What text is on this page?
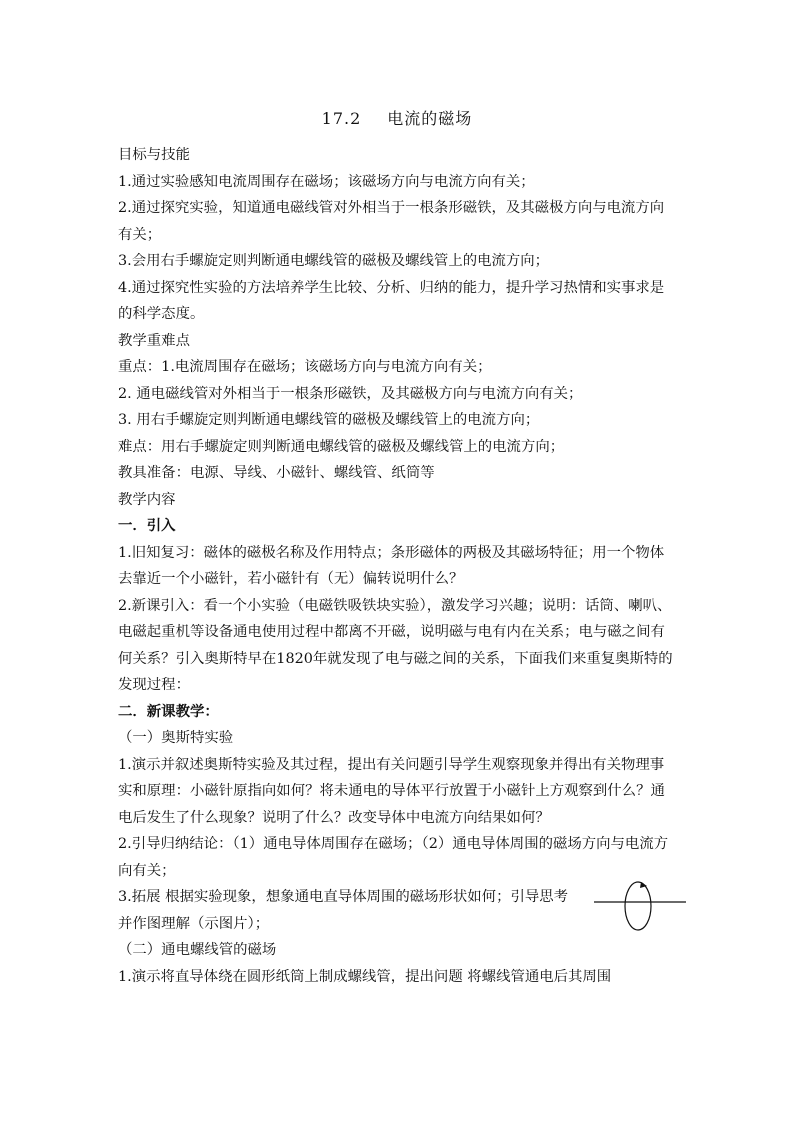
17.2 电流的磁场

目标与技能

1.通过实验感知电流周围存在磁场；该磁场方向与电流方向有关；

2.通过探究实验，知道通电磁线管对外相当于一根条形磁铁，及其磁极方向与电流方向有关；

3.会用右手螺旋定则判断通电螺线管的磁极及螺线管上的电流方向；

4.通过探究性实验的方法培养学生比较、分析、归纳的能力，提升学习热情和实事求是的科学态度。

教学重难点

重点：1.电流周围存在磁场；该磁场方向与电流方向有关；

2. 通电磁线管对外相当于一根条形磁铁，及其磁极方向与电流方向有关；

3. 用右手螺旋定则判断通电螺线管的磁极及螺线管上的电流方向；

难点：用右手螺旋定则判断通电螺线管的磁极及螺线管上的电流方向；

教具准备：电源、导线、小磁针、螺线管、纸筒等

教学内容

一．引入

1.旧知复习：磁体的磁极名称及作用特点；条形磁体的两极及其磁场特征；用一个物体去靠近一个小磁针，若小磁针有（无）偏转说明什么？

2.新课引入：看一个小实验（电磁铁吸铁块实验），激发学习兴趣；说明：话筒、喇叭、电磁起重机等设备通电使用过程中都离不开磁，说明磁与电有内在关系；电与磁之间有何关系？引入奥斯特早在1820年就发现了电与磁之间的关系，下面我们来重复奥斯特的发现过程：

二．新课教学：

（一）奥斯特实验

1.演示并叙述奥斯特实验及其过程，提出有关问题引导学生观察现象并得出有关物理事实和原理：小磁针原指向如何？将未通电的导体平行放置于小磁针上方观察到什么？通电后发生了什么现象？说明了什么？改变导体中电流方向结果如何？

2.引导归纳结论：（1）通电导体周围存在磁场；（2）通电导体周围的磁场方向与电流方向有关；

3.拓展 根据实验现象，想象通电直导体周围的磁场形状如何；引导思考并作图理解（示图片）；

（二）通电螺线管的磁场

1.演示将直导体绕在圆形纸筒上制成螺线管，提出问题 将螺线管通电后其周围
